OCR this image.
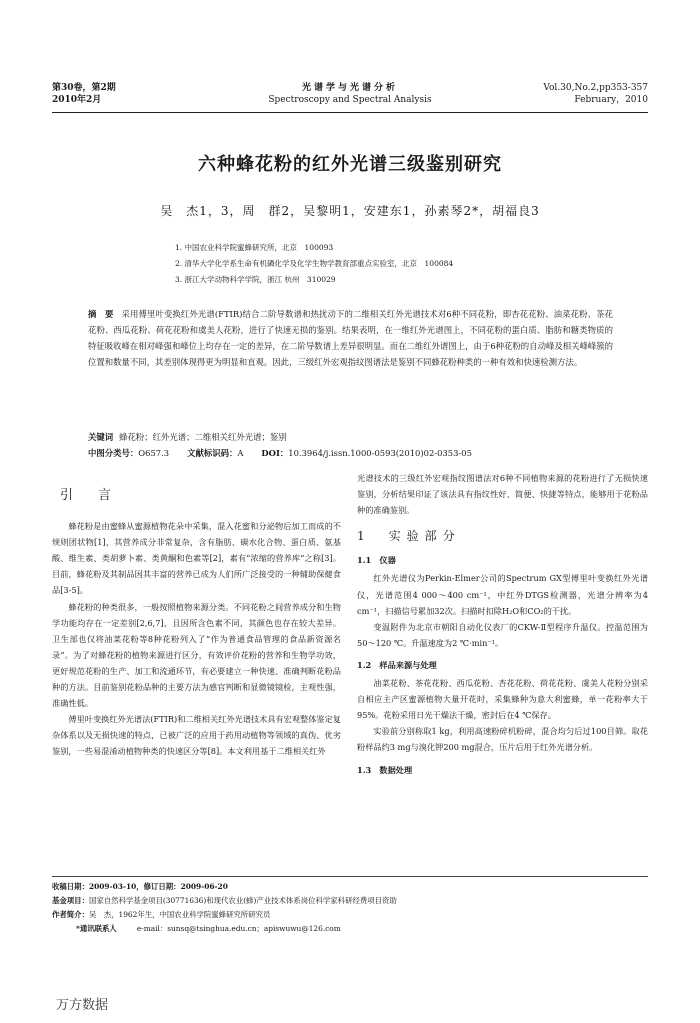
第30卷，第2期
2010年2月
光谱学与光谱分析
Spectroscopy and Spectral Analysis
Vol.30,No.2,pp353-357
February，2010
六种蜂花粉的红外光谱三级鉴别研究
吴　杰1，3，周　群2，吴黎明1，安建东1，孙素琴2*，胡福良3
1. 中国农业科学院蜜蜂研究所，北京　100093
2. 清华大学化学系生命有机磷化学及化学生物学教育部重点实验室，北京　100084
3. 浙江大学动物科学学院，浙江 杭州　310029
摘　要 采用傅里叶变换红外光谱(FTIR)结合二阶导数谱和热扰动下的二维相关红外光谱技术对6种不同花粉，即杏花花粉、油菜花粉、茶花花粉、西瓜花粉、荷花花粉和虞美人花粉，进行了快速无损的鉴别。结果表明，在一维红外光谱图上，不同花粉的蛋白质、脂肪和糖类物质的特征吸收峰在相对峰强和峰位上均存在一定的差异，在二阶导数谱上差异很明显。而在二维红外谱图上，由于6种花粉的自动峰及相关峰峰簇的位置和数量不同，其差别体现得更为明显和直观。因此，三级红外宏观指纹图谱法是鉴别不同蜂花粉种类的一种有效和快速检测方法。
关键词 蜂花粉；红外光谱；二维相关红外光谱；鉴别
中图分类号：O657.3 文献标识码：A DOI：10.3964/j.issn.1000-0593(2010)02-0353-05
引　言

蜂花粉是由蜜蜂从蜜源植物花朵中采集，混入花蜜和分泌物后加工而成的不规则团状物[1]，其营养成分非常复杂，含有脂肪、碳水化合物、蛋白质、氨基酸、维生素、类胡萝卜素、类黄酮和色素等[2]，素有“浓缩的营养库”之称[3]。目前，蜂花粉及其制品因其丰富的营养已成为人们所广泛接受的一种辅助保健食品[3-5]。

蜂花粉的种类很多，一般按照植物来源分类。不同花粉之间营养成分和生物学功能均存在一定差别[2,6,7]，且因所含色素不同，其颜色也存在较大差异。卫生部也仅将油菜花粉等8种花粉列入了“作为普通食品管理的食品新资源名录”。为了对蜂花粉的植物来源进行区分，有效评价花粉的营养和生物学功效，更好规范花粉的生产、加工和流通环节，有必要建立一种快速、准确判断花粉品种的方法。目前鉴别花粉品种的主要方法为感官判断和显微镜镜检，主观性强，准确性低。

傅里叶变换红外光谱法(FTIR)和二维相关红外光谱技术具有宏观整体鉴定复杂体系以及无损快速的特点，已被广泛的应用于药用动植物等领域的真伪、优劣鉴别，一些易混淆动植物种类的快速区分等[8]。本文利用基于二维相关红外

光谱技术的三级红外宏观指纹图谱法对6种不同植物来源的花粉进行了无损快速鉴别，分析结果印证了该法具有指纹性好、简便、快捷等特点，能够用于花粉品种的准确鉴别。

1　实验部分
1.1　仪器

红外光谱仪为Perkin-Elmer公司的Spectrum GX型傅里叶变换红外光谱仪，光谱范围4 000～400 cm⁻¹，中红外DTGS检测器，光谱分辨率为4 cm⁻¹，扫描信号累加32次。扫描时扣除H₂O和CO₂的干扰。

变温附件为北京市朝阳自动化仪表厂的CKW-Ⅱ型程序升温仪。控温范围为50～120 ℃。升温速度为2 ℃·min⁻¹。

1.2　样品来源与处理

油菜花粉、茶花花粉、西瓜花粉、杏花花粉、荷花花粉、虞美人花粉分别采自相应主产区蜜源植物大量开花时，采集蜂种为意大利蜜蜂，单一花粉率大于95%。花粉采用日光干燥法干燥，密封后在4 ℃保存。

实验前分别称取1 kg，利用高速粉碎机粉碎，混合均匀后过100目筛。取花粉样品约3 mg与溴化钾200 mg混合，压片后用于红外光谱分析。

1.3　数据处理
收稿日期：2009-03-10，修订日期：2009-06-20
基金项目：国家自然科学基金项目(30771636)和现代农业(蜂)产业技术体系岗位科学家科研经费项目资助
作者简介：吴　杰，1962年生，中国农业科学院蜜蜂研究所研究员
*通讯联系人	e-mail：sunsq@tsinghua.edu.cn；apiswuwu@126.com
万方数据
